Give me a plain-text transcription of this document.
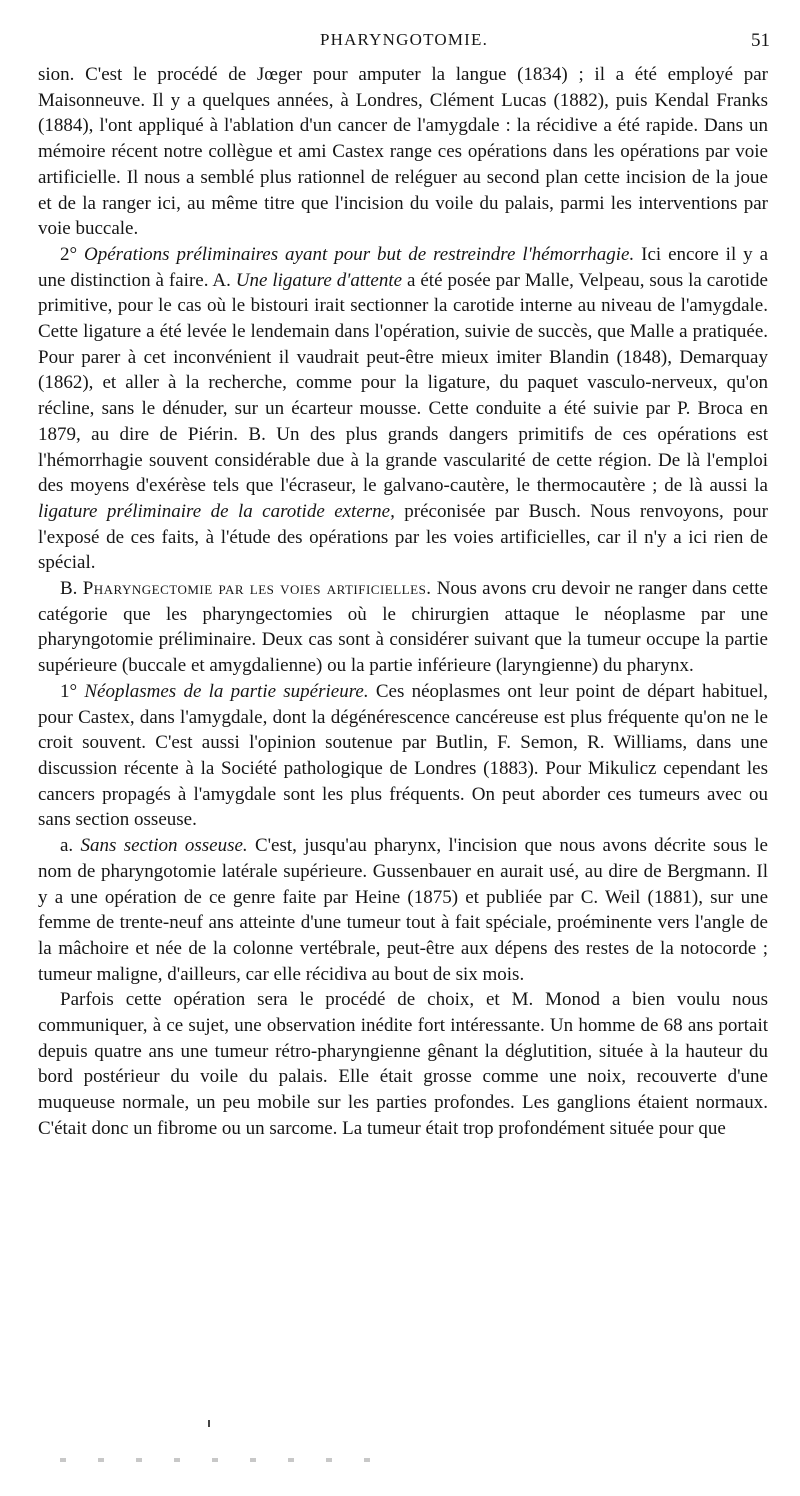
PHARYNGOTOMIE.	51

sion. C'est le procédé de Jœger pour amputer la langue (1834) ; il a été employé par Maisonneuve. Il y a quelques années, à Londres, Clément Lucas (1882), puis Kendal Franks (1884), l'ont appliqué à l'ablation d'un cancer de l'amygdale : la récidive a été rapide. Dans un mémoire récent notre collègue et ami Castex range ces opérations dans les opérations par voie artificielle. Il nous a semblé plus rationnel de reléguer au second plan cette incision de la joue et de la ranger ici, au même titre que l'incision du voile du palais, parmi les interventions par voie buccale.

2° Opérations préliminaires ayant pour but de restreindre l'hémorrhagie. Ici encore il y a une distinction à faire. A. Une ligature d'attente a été posée par Malle, Velpeau, sous la carotide primitive, pour le cas où le bistouri irait sectionner la carotide interne au niveau de l'amygdale. Cette ligature a été levée le lendemain dans l'opération, suivie de succès, que Malle a pratiquée. Pour parer à cet inconvénient il vaudrait peut-être mieux imiter Blandin (1848), Demarquay (1862), et aller à la recherche, comme pour la ligature, du paquet vasculo-nerveux, qu'on récline, sans le dénuder, sur un écarteur mousse. Cette conduite a été suivie par P. Broca en 1879, au dire de Piérin. B. Un des plus grands dangers primitifs de ces opérations est l'hémorrhagie souvent considérable due à la grande vascularité de cette région. De là l'emploi des moyens d'exérèse tels que l'écraseur, le galvano-cautère, le thermocautère ; de là aussi la ligature préliminaire de la carotide externe, préconisée par Busch. Nous renvoyons, pour l'exposé de ces faits, à l'étude des opérations par les voies artificielles, car il n'y a ici rien de spécial.

B. Pharyngectomie par les voies artificielles. Nous avons cru devoir ne ranger dans cette catégorie que les pharyngectomies où le chirurgien attaque le néoplasme par une pharyngotomie préliminaire. Deux cas sont à considérer suivant que la tumeur occupe la partie supérieure (buccale et amygdalienne) ou la partie inférieure (laryngienne) du pharynx.

1° Néoplasmes de la partie supérieure. Ces néoplasmes ont leur point de départ habituel, pour Castex, dans l'amygdale, dont la dégénérescence cancéreuse est plus fréquente qu'on ne le croit souvent. C'est aussi l'opinion soutenue par Butlin, F. Semon, R. Williams, dans une discussion récente à la Société pathologique de Londres (1883). Pour Mikulicz cependant les cancers propagés à l'amygdale sont les plus fréquents. On peut aborder ces tumeurs avec ou sans section osseuse.

a. Sans section osseuse. C'est, jusqu'au pharynx, l'incision que nous avons décrite sous le nom de pharyngotomie latérale supérieure. Gussenbauer en aurait usé, au dire de Bergmann. Il y a une opération de ce genre faite par Heine (1875) et publiée par C. Weil (1881), sur une femme de trente-neuf ans atteinte d'une tumeur tout à fait spéciale, proéminente vers l'angle de la mâchoire et née de la colonne vertébrale, peut-être aux dépens des restes de la notocorde ; tumeur maligne, d'ailleurs, car elle récidiva au bout de six mois.

Parfois cette opération sera le procédé de choix, et M. Monod a bien voulu nous communiquer, à ce sujet, une observation inédite fort intéressante. Un homme de 68 ans portait depuis quatre ans une tumeur rétro-pharyngienne gênant la déglutition, située à la hauteur du bord postérieur du voile du palais. Elle était grosse comme une noix, recouverte d'une muqueuse normale, un peu mobile sur les parties profondes. Les ganglions étaient normaux. C'était donc un fibrome ou un sarcome. La tumeur était trop profondément située pour que
